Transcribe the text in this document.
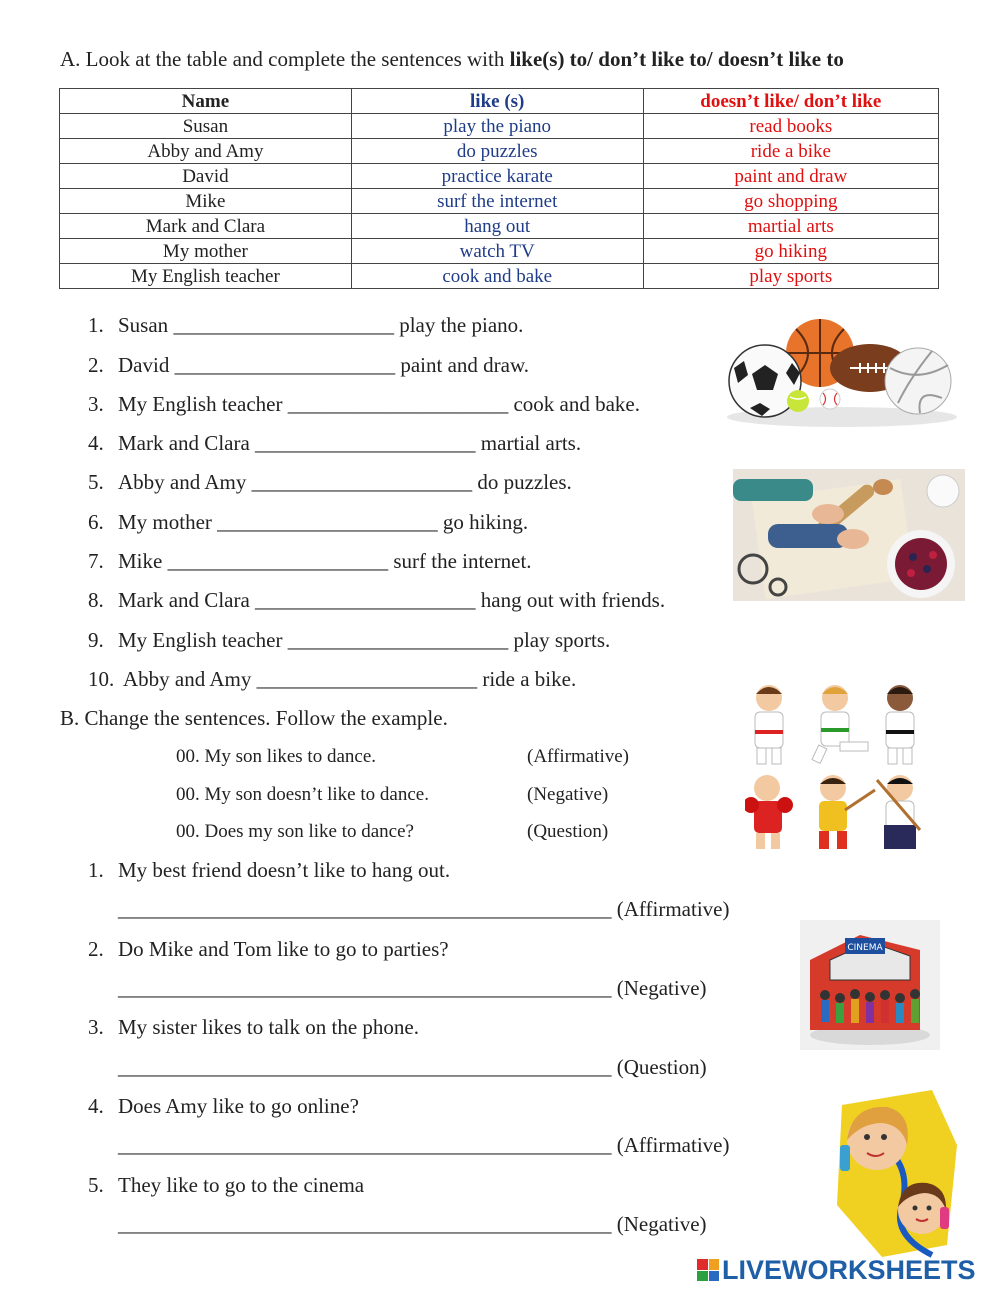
A. Look at the table and complete the sentences with like(s) to/ don’t like to/ doesn’t like to
Name	like (s)	doesn’t like/ don’t like
Susan	play the piano	read books
Abby and Amy	do puzzles	ride a bike
David	practice karate	paint and draw
Mike	surf the internet	go shopping
Mark and Clara	hang out	martial arts
My mother	watch TV	go hiking
My English teacher	cook and bake	play sports
1. Susan _____________________ play the piano.
2. David _____________________ paint and draw.
3. My English teacher _____________________ cook and bake.
4. Mark and Clara _____________________ martial arts.
5. Abby and Amy _____________________ do puzzles.
6. My mother _____________________ go hiking.
7. Mike _____________________ surf the internet.
8. Mark and Clara _____________________ hang out with friends.
9. My English teacher _____________________ play sports.
10. Abby and Amy _____________________ ride a bike.
B. Change the sentences. Follow the example.
00. My son likes to dance.	(Affirmative)
00. My son doesn’t like to dance.	(Negative)
00. Does my son like to dance?	(Question)
1. My best friend doesn’t like to hang out.
_______________________________________________ (Affirmative)
2. Do Mike and Tom like to go to parties?
_______________________________________________ (Negative)
3. My sister likes to talk on the phone.
_______________________________________________ (Question)
4. Does Amy like to go online?
_______________________________________________ (Affirmative)
5. They like to go to the cinema
_______________________________________________ (Negative)
CINEMA
LIVEWORKSHEETS
